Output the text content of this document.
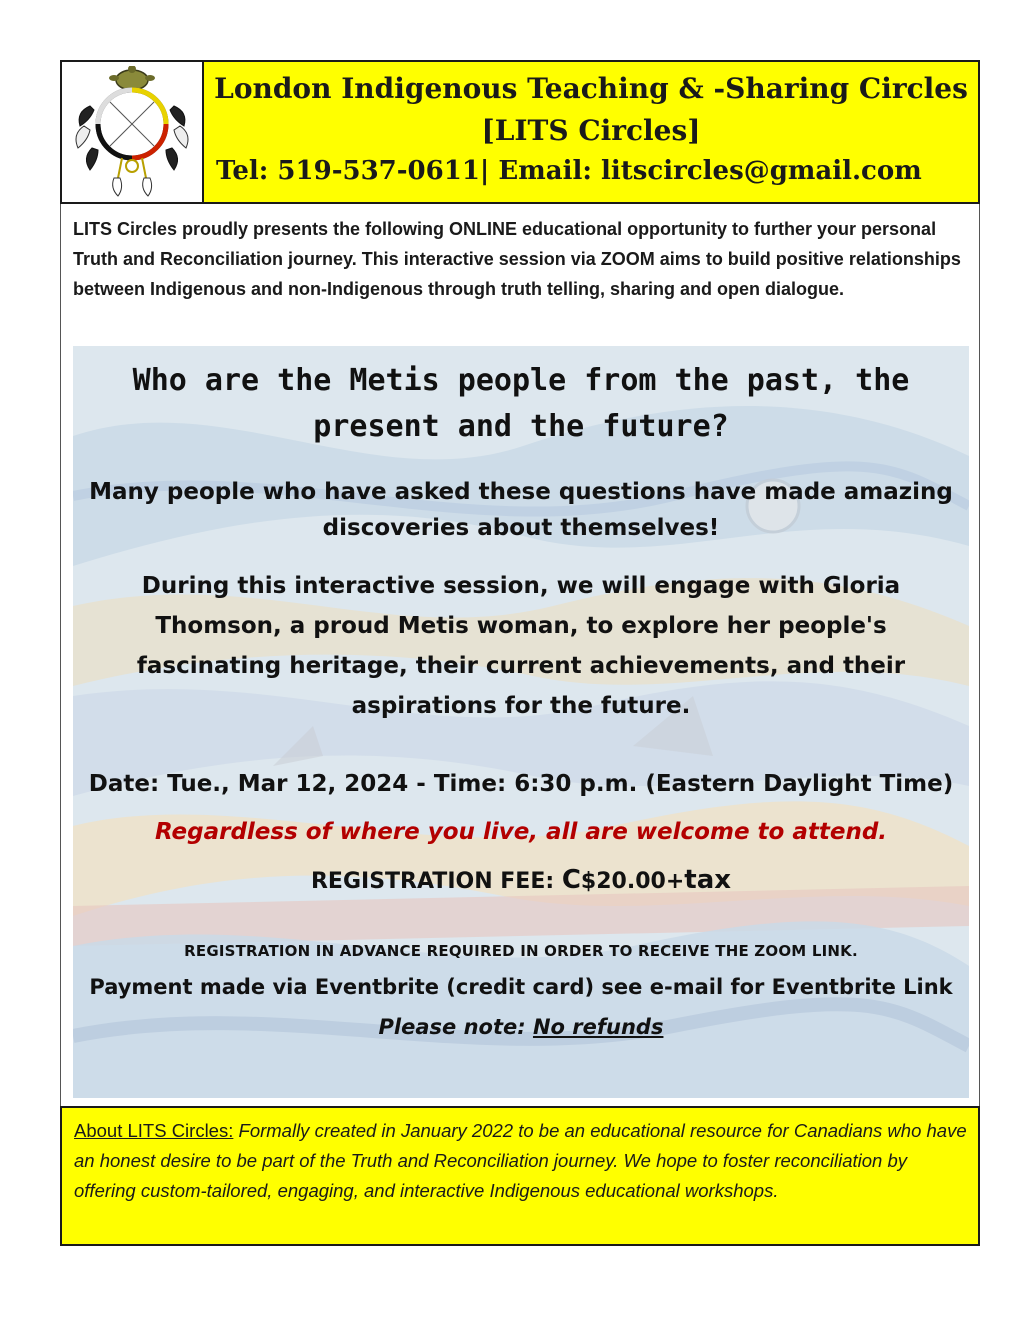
London Indigenous Teaching & -Sharing Circles
[LITS Circles]
Tel: 519-537-0611| Email: litscircles@gmail.com
LITS Circles proudly presents the following ONLINE educational opportunity to further your personal Truth and Reconciliation journey. This interactive session via ZOOM aims to build positive relationships between Indigenous and non-Indigenous through truth telling, sharing and open dialogue.
Who are the Metis people from the past, the present and the future?
Many people who have asked these questions have made amazing discoveries about themselves!
During this interactive session, we will engage with Gloria Thomson, a proud Metis woman, to explore her people's fascinating heritage, their current achievements, and their aspirations for the future.
Date: Tue., Mar 12, 2024 - Time: 6:30 p.m. (Eastern Daylight Time)
Regardless of where you live, all are welcome to attend.
REGISTRATION FEE: C$20.00+tax
REGISTRATION IN ADVANCE REQUIRED IN ORDER TO RECEIVE THE ZOOM LINK.
Payment made via Eventbrite (credit card) see e-mail for Eventbrite Link
Please note: No refunds
About LITS Circles: Formally created in January 2022 to be an educational resource for Canadians who have an honest desire to be part of the Truth and Reconciliation journey. We hope to foster reconciliation by offering custom-tailored, engaging, and interactive Indigenous educational workshops.
